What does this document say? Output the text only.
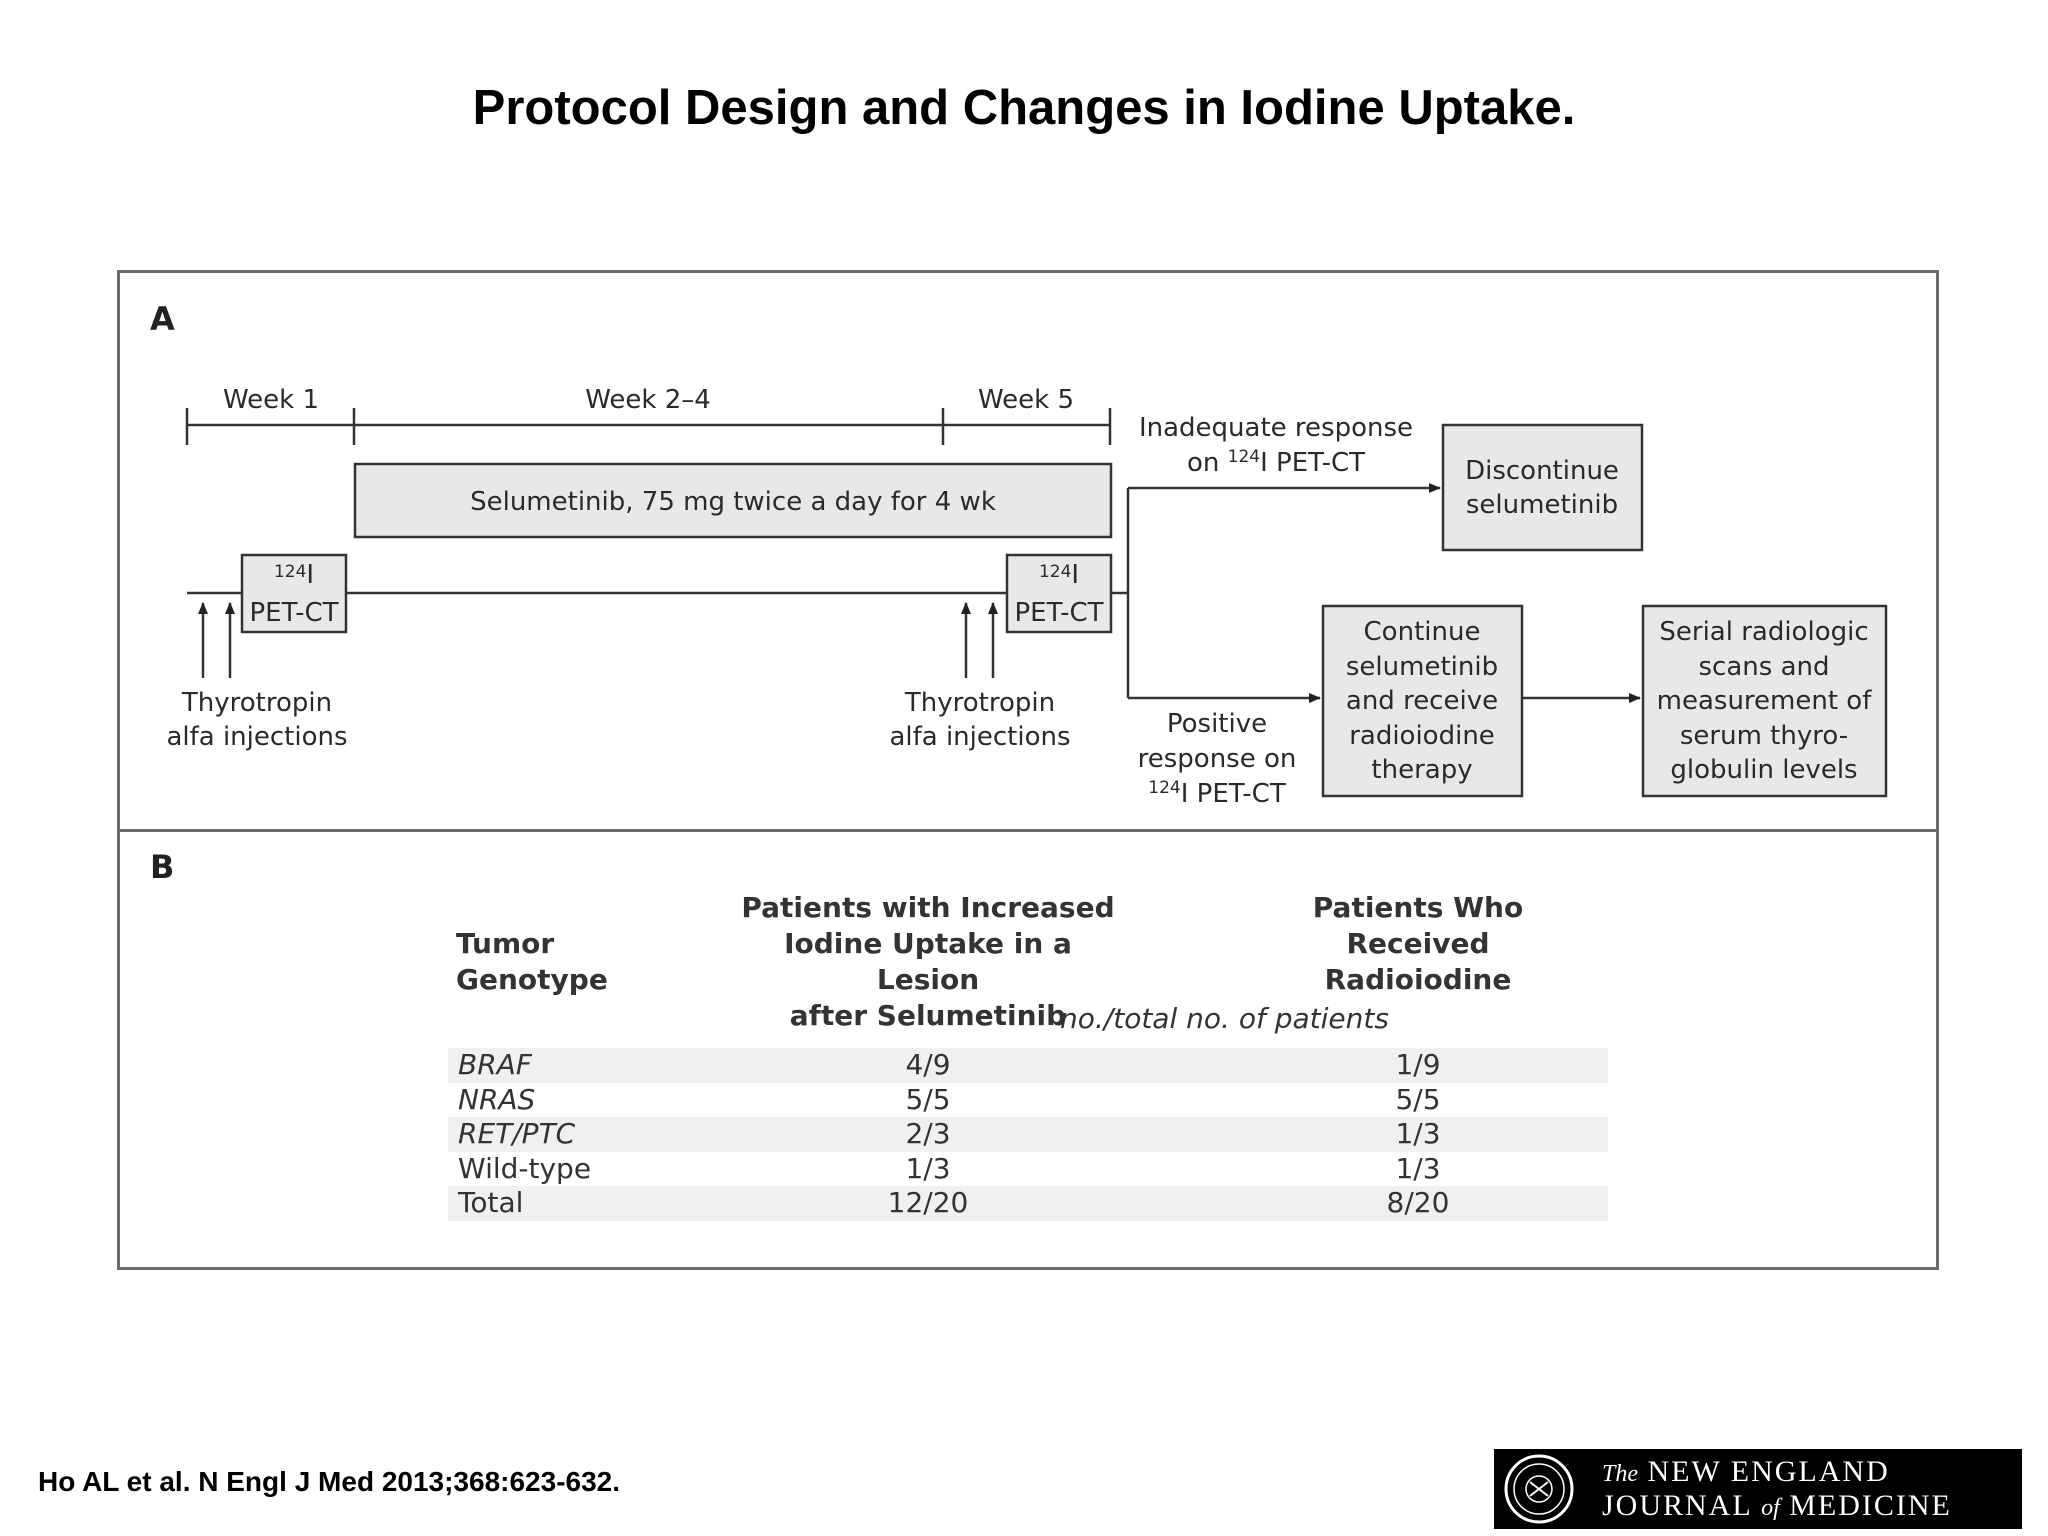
Protocol Design and Changes in Iodine Uptake.
A
Week 1	Week 2–4	Week 5
Selumetinib, 75 mg twice a day for 4 wk
$^{124}$I
PET-CT
$^{124}$I
PET-CT
Thyrotropin
alfa injections
Thyrotropin
alfa injections
Inadequate response
on $^{124}$I PET-CT	Discontinue
selumetinib
Positive
response on
$^{124}$I PET-CT
Continue
selumetinib
and receive
radioiodine
therapy
Serial radiologic
scans and
measurement of
serum thyro-
globulin levels
B
Tumor
Genotype
Patients with Increased
Iodine Uptake in a Lesion
after Selumetinib
Patients Who
Received
Radioiodine
no./total no. of patients
BRAF	4/9	1/9
NRAS	5/5	5/5
RET/PTC	2/3	1/3
Wild-type	1/3	1/3
Total	12/20	8/20
Ho AL et al. N Engl J Med 2013;368:623-632.	The NEW ENGLAND
JOURNAL of MEDICINE
